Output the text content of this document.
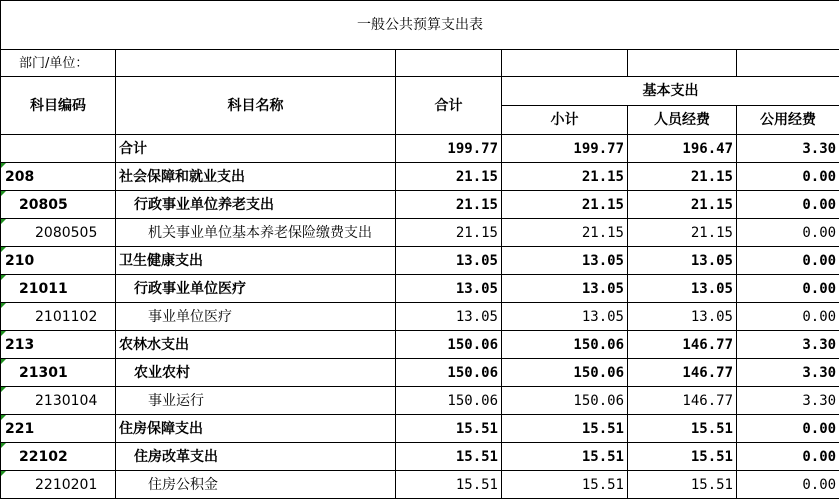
一般公共预算支出表					
部门/单位：					
科目编码	科目名称	合计	基本支出		
			小计	人员经费	公用经费
	合计	199.77	199.77	196.47	3.30
208	社会保障和就业支出	21.15	21.15	21.15	0.00
20805	行政事业单位养老支出	21.15	21.15	21.15	0.00
2080505	机关事业单位基本养老保险缴费支出	21.15	21.15	21.15	0.00
210	卫生健康支出	13.05	13.05	13.05	0.00
21011	行政事业单位医疗	13.05	13.05	13.05	0.00
2101102	事业单位医疗	13.05	13.05	13.05	0.00
213	农林水支出	150.06	150.06	146.77	3.30
21301	农业农村	150.06	150.06	146.77	3.30
2130104	事业运行	150.06	150.06	146.77	3.30
221	住房保障支出	15.51	15.51	15.51	0.00
22102	住房改革支出	15.51	15.51	15.51	0.00
2210201	住房公积金	15.51	15.51	15.51	0.00
